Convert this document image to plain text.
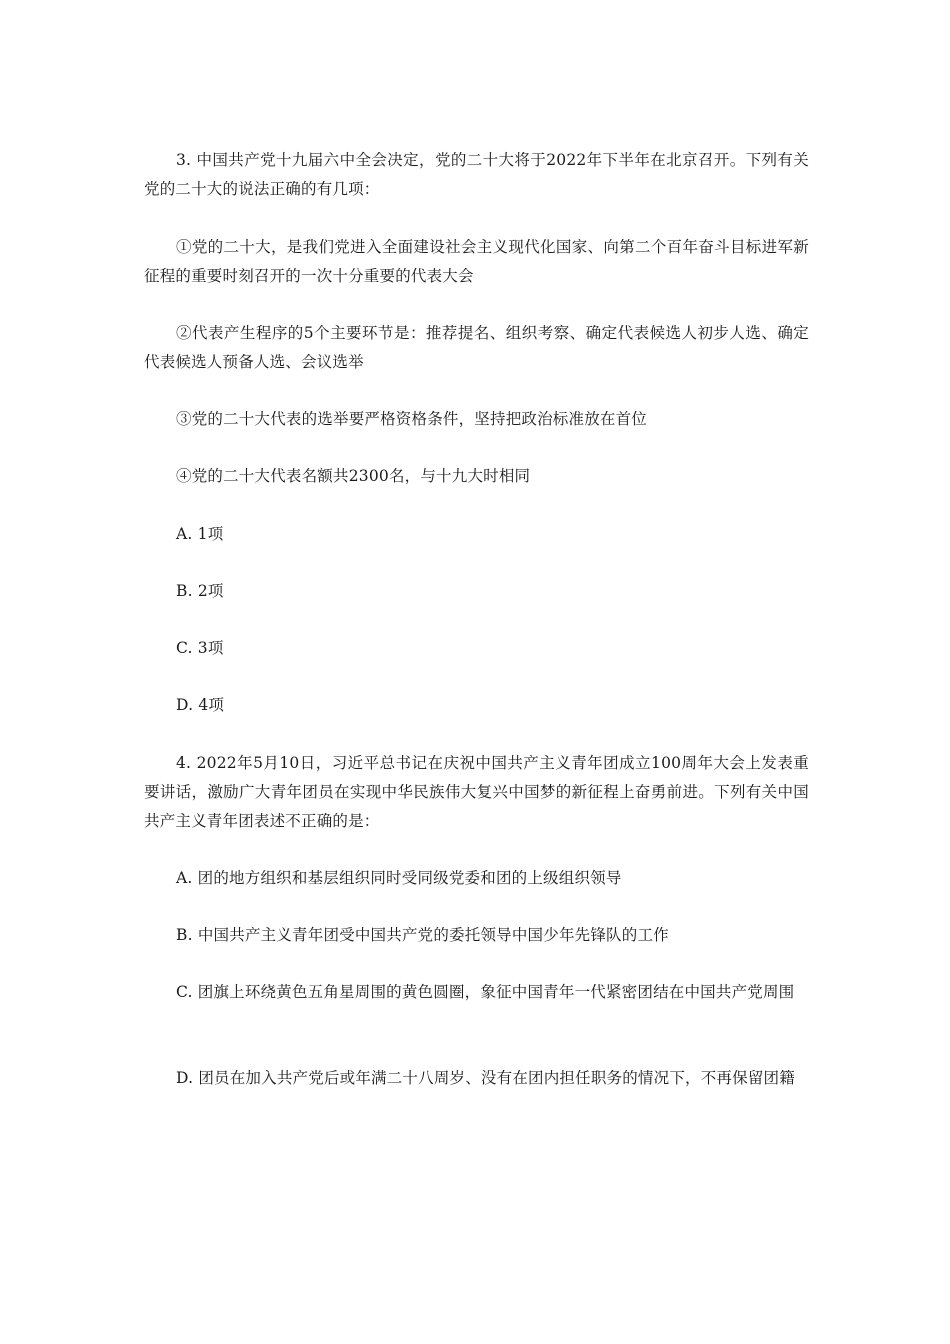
3. 中国共产党十九届六中全会决定，党的二十大将于2022年下半年在北京召开。下列有关党的二十大的说法正确的有几项：

①党的二十大，是我们党进入全面建设社会主义现代化国家、向第二个百年奋斗目标进军新征程的重要时刻召开的一次十分重要的代表大会

②代表产生程序的5个主要环节是：推荐提名、组织考察、确定代表候选人初步人选、确定代表候选人预备人选、会议选举

③党的二十大代表的选举要严格资格条件，坚持把政治标准放在首位

④党的二十大代表名额共2300名，与十九大时相同

A. 1项

B. 2项

C. 3项

D. 4项

4. 2022年5月10日，习近平总书记在庆祝中国共产主义青年团成立100周年大会上发表重要讲话，激励广大青年团员在实现中华民族伟大复兴中国梦的新征程上奋勇前进。下列有关中国共产主义青年团表述不正确的是：

A. 团的地方组织和基层组织同时受同级党委和团的上级组织领导

B. 中国共产主义青年团受中国共产党的委托领导中国少年先锋队的工作

C. 团旗上环绕黄色五角星周围的黄色圆圈，象征中国青年一代紧密团结在中国共产党周围

D. 团员在加入共产党后或年满二十八周岁、没有在团内担任职务的情况下，不再保留团籍
